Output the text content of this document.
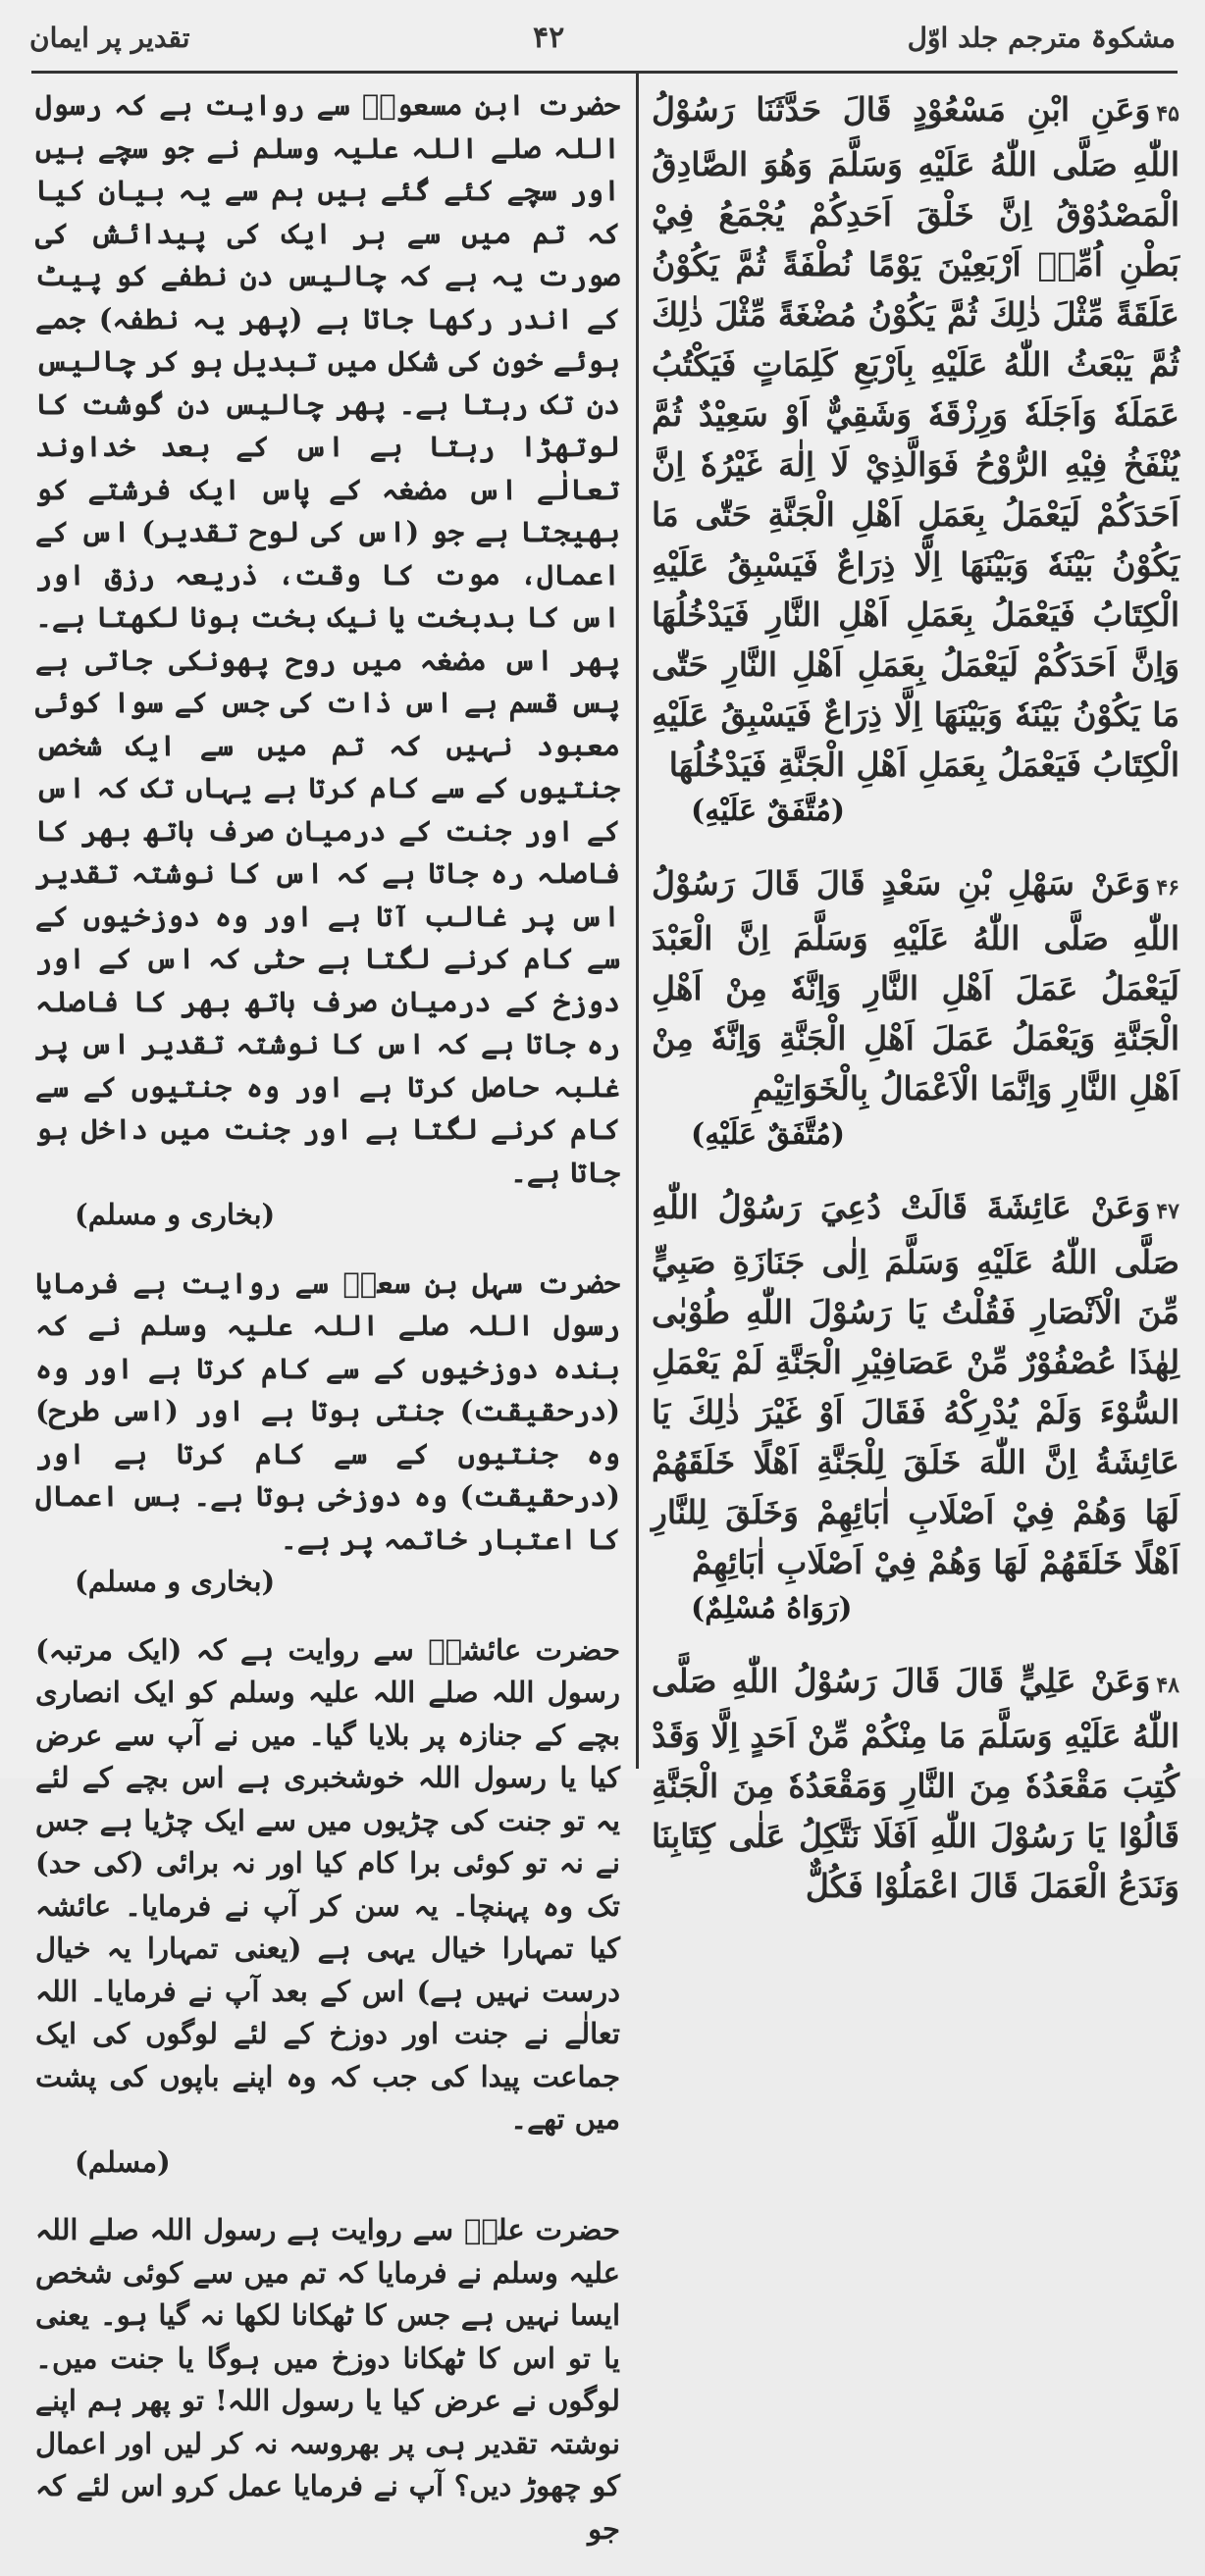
تقدیر پر ایمان	۴۲	مشکوۃ مترجم جلد اوّل

۴۵وَعَنِ ابْنِ مَسْعُوْدٍ قَالَ حَدَّثَنَا رَسُوْلُ اللّٰهِ صَلَّى اللّٰهُ عَلَيْهِ وَسَلَّمَ وَهُوَ الصَّادِقُ الْمَصْدُوْقُ اِنَّ خَلْقَ اَحَدِكُمْ يُجْمَعُ فِيْ بَطْنِ اُمِّهٖ اَرْبَعِيْنَ يَوْمًا نُطْفَةً ثُمَّ يَكُوْنُ عَلَقَةً مِّثْلَ ذٰلِكَ ثُمَّ يَكُوْنُ مُضْغَةً مِّثْلَ ذٰلِكَ ثُمَّ يَبْعَثُ اللّٰهُ عَلَيْهِ بِاَرْبَعِ كَلِمَاتٍ فَيَكْتُبُ عَمَلَهٗ وَاَجَلَهٗ وَرِزْقَهٗ وَشَقِيٌّ اَوْ سَعِيْدٌ ثُمَّ يُنْفَخُ فِيْهِ الرُّوْحُ فَوَالَّذِيْ لَا اِلٰهَ غَيْرُهٗ اِنَّ اَحَدَكُمْ لَيَعْمَلُ بِعَمَلِ اَهْلِ الْجَنَّةِ حَتّٰى مَا يَكُوْنُ بَيْنَهٗ وَبَيْنَهَا اِلَّا ذِرَاعٌ فَيَسْبِقُ عَلَيْهِ الْكِتَابُ فَيَعْمَلُ بِعَمَلِ اَهْلِ النَّارِ فَيَدْخُلُهَا وَاِنَّ اَحَدَكُمْ لَيَعْمَلُ بِعَمَلِ اَهْلِ النَّارِ حَتّٰى مَا يَكُوْنُ بَيْنَهٗ وَبَيْنَهَا اِلَّا ذِرَاعٌ فَيَسْبِقُ عَلَيْهِ الْكِتَابُ فَيَعْمَلُ بِعَمَلِ اَهْلِ الْجَنَّةِ فَيَدْخُلُهَا

(مُتَّفَقٌ عَلَيْهِ)

۴۶وَعَنْ سَهْلِ بْنِ سَعْدٍ قَالَ قَالَ رَسُوْلُ اللّٰهِ صَلَّى اللّٰهُ عَلَيْهِ وَسَلَّمَ اِنَّ الْعَبْدَ لَيَعْمَلُ عَمَلَ اَهْلِ النَّارِ وَاِنَّهٗ مِنْ اَهْلِ الْجَنَّةِ وَيَعْمَلُ عَمَلَ اَهْلِ الْجَنَّةِ وَاِنَّهٗ مِنْ اَهْلِ النَّارِ وَاِنَّمَا الْاَعْمَالُ بِالْخَوَاتِيْمِ

(مُتَّفَقٌ عَلَيْهِ)

۴۷وَعَنْ عَائِشَةَ قَالَتْ دُعِيَ رَسُوْلُ اللّٰهِ صَلَّى اللّٰهُ عَلَيْهِ وَسَلَّمَ اِلٰى جَنَازَةِ صَبِيٍّ مِّنَ الْاَنْصَارِ فَقُلْتُ يَا رَسُوْلَ اللّٰهِ طُوْبٰى لِهٰذَا عُصْفُوْرٌ مِّنْ عَصَافِيْرِ الْجَنَّةِ لَمْ يَعْمَلِ السُّوْءَ وَلَمْ يُدْرِكْهُ فَقَالَ اَوْ غَيْرَ ذٰلِكَ يَا عَائِشَةُ اِنَّ اللّٰهَ خَلَقَ لِلْجَنَّةِ اَهْلًا خَلَقَهُمْ لَهَا وَهُمْ فِيْ اَصْلَابِ اٰبَائِهِمْ وَخَلَقَ لِلنَّارِ اَهْلًا خَلَقَهُمْ لَهَا وَهُمْ فِيْ اَصْلَابِ اٰبَائِهِمْ

(رَوَاهُ مُسْلِمٌ)

۴۸وَعَنْ عَلِيٍّ قَالَ قَالَ رَسُوْلُ اللّٰهِ صَلَّى اللّٰهُ عَلَيْهِ وَسَلَّمَ مَا مِنْكُمْ مِّنْ اَحَدٍ اِلَّا وَقَدْ كُتِبَ مَقْعَدُهٗ مِنَ النَّارِ وَمَقْعَدُهٗ مِنَ الْجَنَّةِ قَالُوْا يَا رَسُوْلَ اللّٰهِ اَفَلَا نَتَّكِلُ عَلٰى كِتَابِنَا وَنَدَعُ الْعَمَلَ قَالَ اعْمَلُوْا فَكُلٌّ

حضرت ابن مسعودؓ سے روایت ہے کہ رسول اللہ صلے اللہ علیہ وسلم نے جو سچے ہیں اور سچے کئے گئے ہیں ہم سے یہ بیان کیا کہ تم میں سے ہر ایک کی پیدائش کی صورت یہ ہے کہ چالیس دن نطفے کو پیٹ کے اندر رکھا جاتا ہے (پھر یہ نطفہ) جمے ہوئے خون کی شکل میں تبدیل ہو کر چالیس دن تک رہتا ہے۔ پھر چالیس دن گوشت کا لوتھڑا رہتا ہے اس کے بعد خداوند تعالٰے اس مضغہ کے پاس ایک فرشتے کو بھیجتا ہے جو (اس کی لوح تقدیر) اس کے اعمال، موت کا وقت، ذریعہ رزق اور اس کا بدبخت یا نیک بخت ہونا لکھتا ہے۔ پھر اس مضغہ میں روح پھونکی جاتی ہے پس قسم ہے اس ذات کی جس کے سوا کوئی معبود نہیں کہ تم میں سے ایک شخص جنتیوں کے سے کام کرتا ہے یہاں تک کہ اس کے اور جنت کے درمیان صرف ہاتھ بھر کا فاصلہ رہ جاتا ہے کہ اس کا نوشتہ تقدیر اس پر غالب آتا ہے اور وہ دوزخیوں کے سے کام کرنے لگتا ہے حتٰی کہ اس کے اور دوزخ کے درمیان صرف ہاتھ بھر کا فاصلہ رہ جاتا ہے کہ اس کا نوشتہ تقدیر اس پر غلبہ حاصل کرتا ہے اور وہ جنتیوں کے سے کام کرنے لگتا ہے اور جنت میں داخل ہو جاتا ہے۔

(بخاری و مسلم)

حضرت سہل بن سعدؓ سے روایت ہے فرمایا رسول اللہ صلے اللہ علیہ وسلم نے کہ بندہ دوزخیوں کے سے کام کرتا ہے اور وہ (درحقیقت) جنتی ہوتا ہے اور (اسی طرح) وہ جنتیوں کے سے کام کرتا ہے اور (درحقیقت) وہ دوزخی ہوتا ہے۔ بس اعمال کا اعتبار خاتمہ پر ہے۔

(بخاری و مسلم)

حضرت عائشہؓ سے روایت ہے کہ (ایک مرتبہ) رسول اللہ صلے اللہ علیہ وسلم کو ایک انصاری بچے کے جنازہ پر بلایا گیا۔ میں نے آپ سے عرض کیا یا رسول اللہ خوشخبری ہے اس بچے کے لئے یہ تو جنت کی چڑیوں میں سے ایک چڑیا ہے جس نے نہ تو کوئی برا کام کیا اور نہ برائی (کی حد) تک وہ پہنچا۔ یہ سن کر آپ نے فرمایا۔ عائشہ کیا تمہارا خیال یہی ہے (یعنی تمہارا یہ خیال درست نہیں ہے) اس کے بعد آپ نے فرمایا۔ اللہ تعالٰے نے جنت اور دوزخ کے لئے لوگوں کی ایک جماعت پیدا کی جب کہ وہ اپنے باپوں کی پشت میں تھے۔

(مسلم)

حضرت علیؓ سے روایت ہے رسول اللہ صلے اللہ علیہ وسلم نے فرمایا کہ تم میں سے کوئی شخص ایسا نہیں ہے جس کا ٹھکانا لکھا نہ گیا ہو۔ یعنی یا تو اس کا ٹھکانا دوزخ میں ہوگا یا جنت میں۔ لوگوں نے عرض کیا یا رسول اللہ! تو پھر ہم اپنے نوشتہ تقدیر ہی پر بھروسہ نہ کر لیں اور اعمال کو چھوڑ دیں؟ آپ نے فرمایا عمل کرو اس لئے کہ جو
